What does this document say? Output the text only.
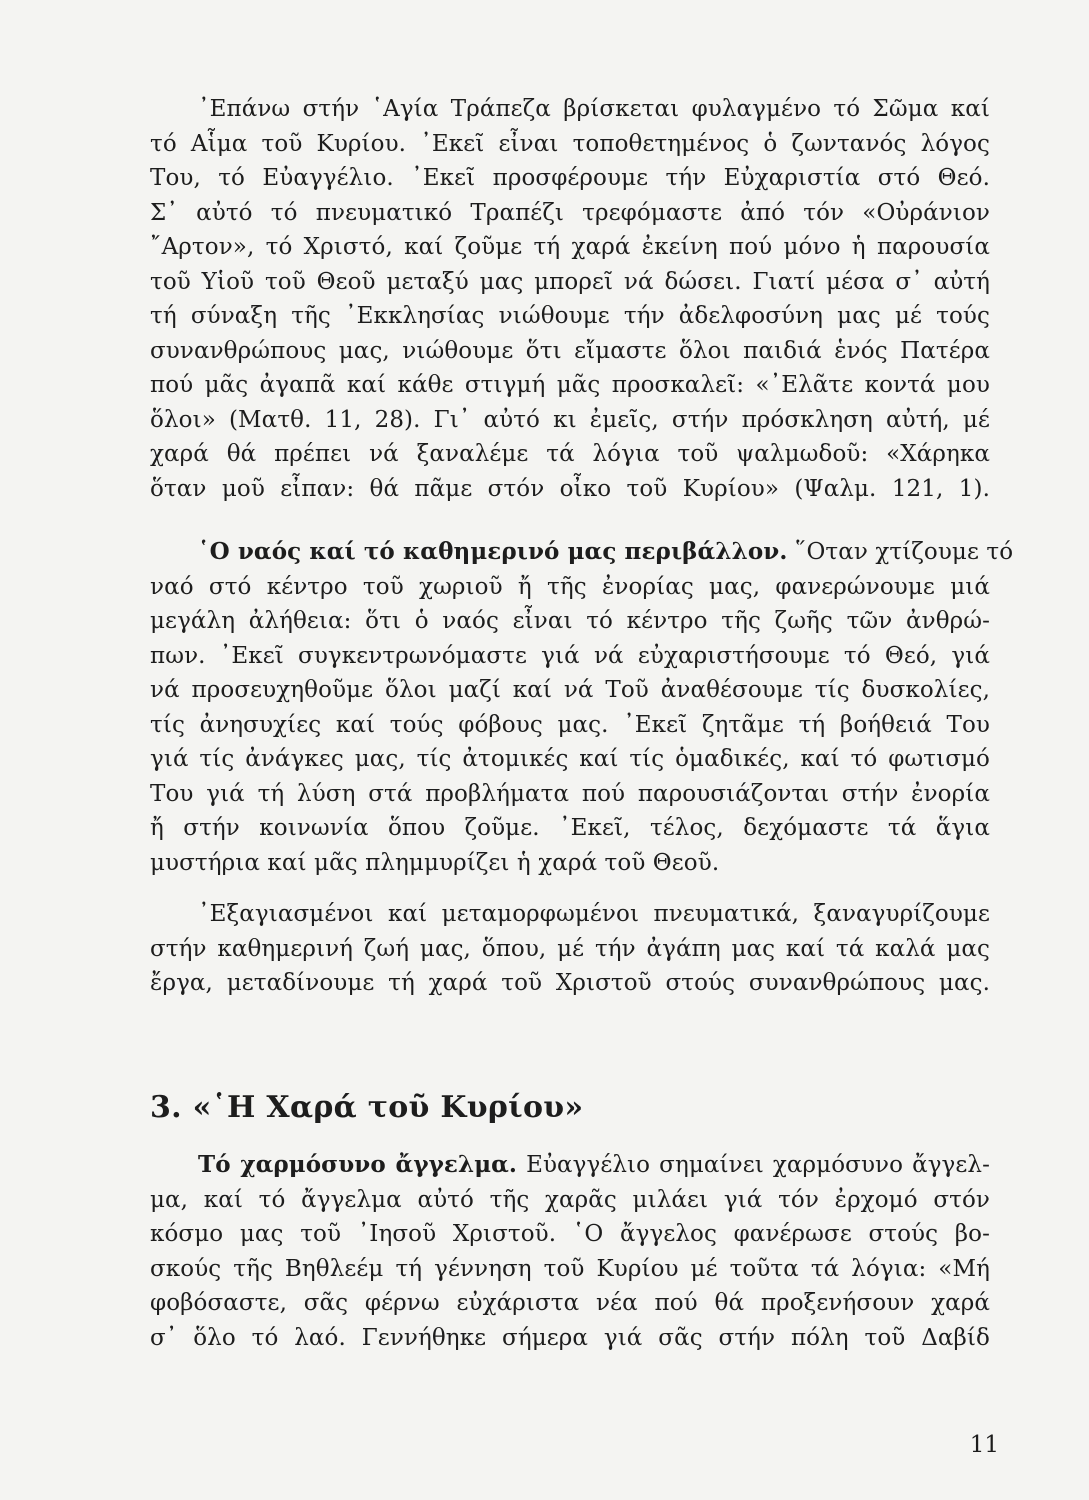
᾿Επάνω στήν ῾Αγία Τράπεζα βρίσκεται φυλαγμένο τό Σῶμα καί
τό Αἷμα τοῦ Κυρίου. ᾿Εκεῖ εἶναι τοποθετημένος ὁ ζωντανός λόγος
Του, τό Εὐαγγέλιο. ᾿Εκεῖ προσφέρουμε τήν Εὐχαριστία στό Θεό.
Σ᾿ αὐτό τό πνευματικό Τραπέζι τρεφόμαστε ἀπό τόν «Οὐράνιον
῎Αρτον», τό Χριστό, καί ζοῦμε τή χαρά ἐκείνη πού μόνο ἡ παρουσία
τοῦ Υἱοῦ τοῦ Θεοῦ μεταξύ μας μπορεῖ νά δώσει. Γιατί μέσα σ᾿ αὐτή
τή σύναξη τῆς ᾿Εκκλησίας νιώθουμε τήν ἀδελφοσύνη μας μέ τούς
συνανθρώπους μας, νιώθουμε ὅτι εἴμαστε ὅλοι παιδιά ἑνός Πατέρα
πού μᾶς ἀγαπᾶ καί κάθε στιγμή μᾶς προσκαλεῖ: «᾿Ελᾶτε κοντά μου
ὅλοι» (Ματθ. 11, 28). Γι᾿ αὐτό κι ἐμεῖς, στήν πρόσκληση αὐτή, μέ
χαρά θά πρέπει νά ξαναλέμε τά λόγια τοῦ ψαλμωδοῦ: «Χάρηκα
ὅταν μοῦ εἶπαν: θά πᾶμε στόν οἶκο τοῦ Κυρίου» (Ψαλμ. 121, 1).
῾Ο ναός καί τό καθημερινό μας περιβάλλον. ῞Οταν χτίζουμε τό
ναό στό κέντρο τοῦ χωριοῦ ἤ τῆς ἐνορίας μας, φανερώνουμε μιά
μεγάλη ἀλήθεια: ὅτι ὁ ναός εἶναι τό κέντρο τῆς ζωῆς τῶν ἀνθρώ-
πων. ᾿Εκεῖ συγκεντρωνόμαστε γιά νά εὐχαριστήσουμε τό Θεό, γιά
νά προσευχηθοῦμε ὅλοι μαζί καί νά Τοῦ ἀναθέσουμε τίς δυσκολίες,
τίς ἀνησυχίες καί τούς φόβους μας. ᾿Εκεῖ ζητᾶμε τή βοήθειά Του
γιά τίς ἀνάγκες μας, τίς ἀτομικές καί τίς ὁμαδικές, καί τό φωτισμό
Του γιά τή λύση στά προβλήματα πού παρουσιάζονται στήν ἐνορία
ἤ στήν κοινωνία ὅπου ζοῦμε. ᾿Εκεῖ, τέλος, δεχόμαστε τά ἅγια
μυστήρια καί μᾶς πλημμυρίζει ἡ χαρά τοῦ Θεοῦ.
᾿Εξαγιασμένοι καί μεταμορφωμένοι πνευματικά, ξαναγυρίζουμε
στήν καθημερινή ζωή μας, ὅπου, μέ τήν ἀγάπη μας καί τά καλά μας
ἔργα, μεταδίνουμε τή χαρά τοῦ Χριστοῦ στούς συνανθρώπους μας.
3. «῾Η Χαρά τοῦ Κυρίου»
Τό χαρμόσυνο ἄγγελμα. Εὐαγγέλιο σημαίνει χαρμόσυνο ἄγγελ-
μα, καί τό ἄγγελμα αὐτό τῆς χαρᾶς μιλάει γιά τόν ἐρχομό στόν
κόσμο μας τοῦ ᾿Ιησοῦ Χριστοῦ. ῾Ο ἄγγελος φανέρωσε στούς βο-
σκούς τῆς Βηθλεέμ τή γέννηση τοῦ Κυρίου μέ τοῦτα τά λόγια: «Μή
φοβόσαστε, σᾶς φέρνω εὐχάριστα νέα πού θά προξενήσουν χαρά
σ᾿ ὅλο τό λαό. Γεννήθηκε σήμερα γιά σᾶς στήν πόλη τοῦ Δαβίδ
11
